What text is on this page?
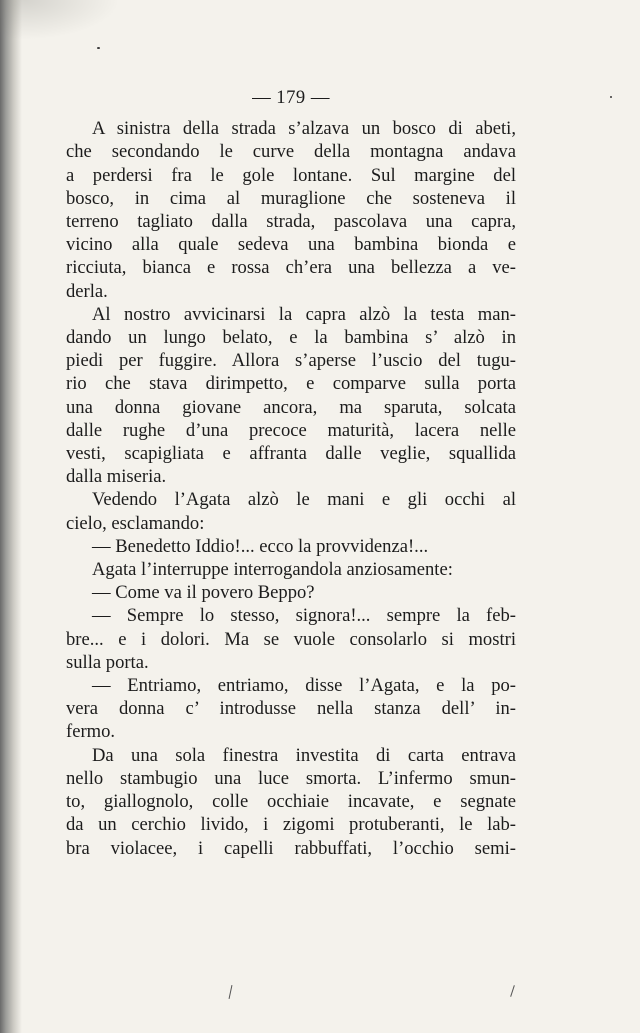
— 179 —
A sinistra della strada s’alzava un bosco di abeti,
che secondando le curve della montagna andava
a perdersi fra le gole lontane. Sul margine del
bosco, in cima al muraglione che sosteneva il
terreno tagliato dalla strada, pascolava una capra,
vicino alla quale sedeva una bambina bionda e
ricciuta, bianca e rossa ch’era una bellezza a ve-
derla.
Al nostro avvicinarsi la capra alzò la testa man-
dando un lungo belato, e la bambina s’ alzò in
piedi per fuggire. Allora s’aperse l’uscio del tugu-
rio che stava dirimpetto, e comparve sulla porta
una donna giovane ancora, ma sparuta, solcata
dalle rughe d’una precoce maturità, lacera nelle
vesti, scapigliata e affranta dalle veglie, squallida
dalla miseria.
Vedendo l’Agata alzò le mani e gli occhi al
cielo, esclamando:
— Benedetto Iddio!... ecco la provvidenza!...
Agata l’interruppe interrogandola anziosamente:
— Come va il povero Beppo?
— Sempre lo stesso, signora!... sempre la feb-
bre... e i dolori. Ma se vuole consolarlo si mostri
sulla porta.
— Entriamo, entriamo, disse l’Agata, e la po-
vera donna c’ introdusse nella stanza dell’ in-
fermo.
Da una sola finestra investita di carta entrava
nello stambugio una luce smorta. L’infermo smun-
to, giallognolo, colle occhiaie incavate, e segnate
da un cerchio livido, i zigomi protuberanti, le lab-
bra violacee, i capelli rabbuffati, l’occhio semi-
